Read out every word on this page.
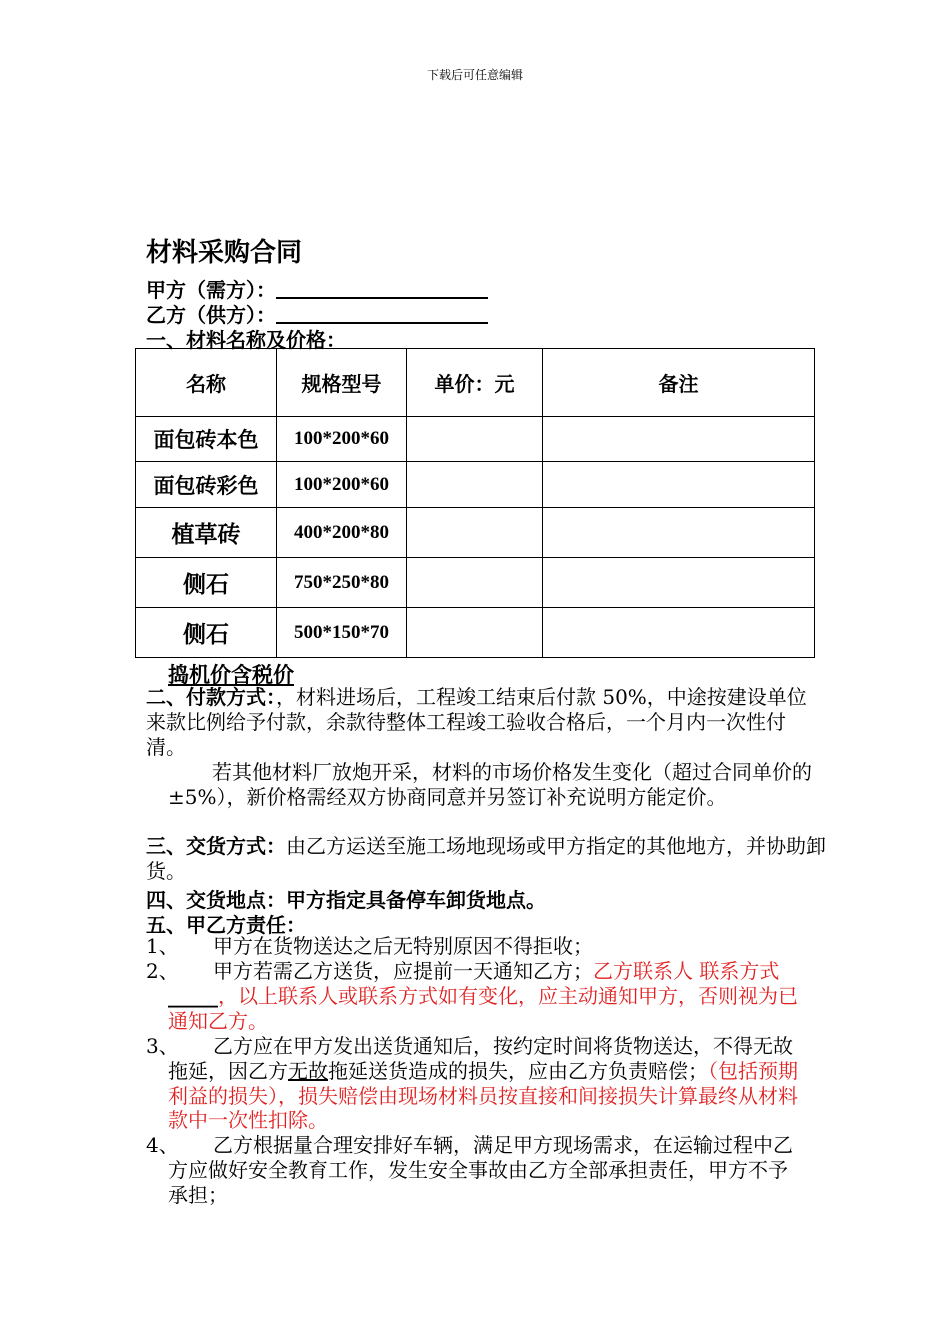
下载后可任意编辑
材料采购合同
甲方（需方）：
乙方（供方）：
一、材料名称及价格：
名称	规格型号	单价：元	备注
面包砖本色	100*200*60		
面包砖彩色	100*200*60		
植草砖	400*200*80		
侧石	750*250*80		
侧石	500*150*70		
捣机价含税价
二、付款方式：，材料进场后，工程竣工结束后付款 50%，中途按建设单位来款比例给予付款，余款待整体工程竣工验收合格后，一个月内一次性付清。
若其他材料厂放炮开采，材料的市场价格发生变化（超过合同单价的±5%），新价格需经双方协商同意并另签订补充说明方能定价。
三、交货方式：由乙方运送至施工场地现场或甲方指定的其他地方，并协助卸货。
四、交货地点：甲方指定具备停车卸货地点。
五、甲乙方责任：
1、 甲方在货物送达之后无特别原因不得拒收；
2、 甲方若需乙方送货，应提前一天通知乙方；乙方联系人 联系方式_____，以上联系人或联系方式如有变化，应主动通知甲方，否则视为已通知乙方。
3、 乙方应在甲方发出送货通知后，按约定时间将货物送达，不得无故拖延，因乙方无故拖延送货造成的损失，应由乙方负责赔偿；（包括预期利益的损失），损失赔偿由现场材料员按直接和间接损失计算最终从材料款中一次性扣除。
4、 乙方根据量合理安排好车辆，满足甲方现场需求，在运输过程中乙方应做好安全教育工作，发生安全事故由乙方全部承担责任，甲方不予承担；
